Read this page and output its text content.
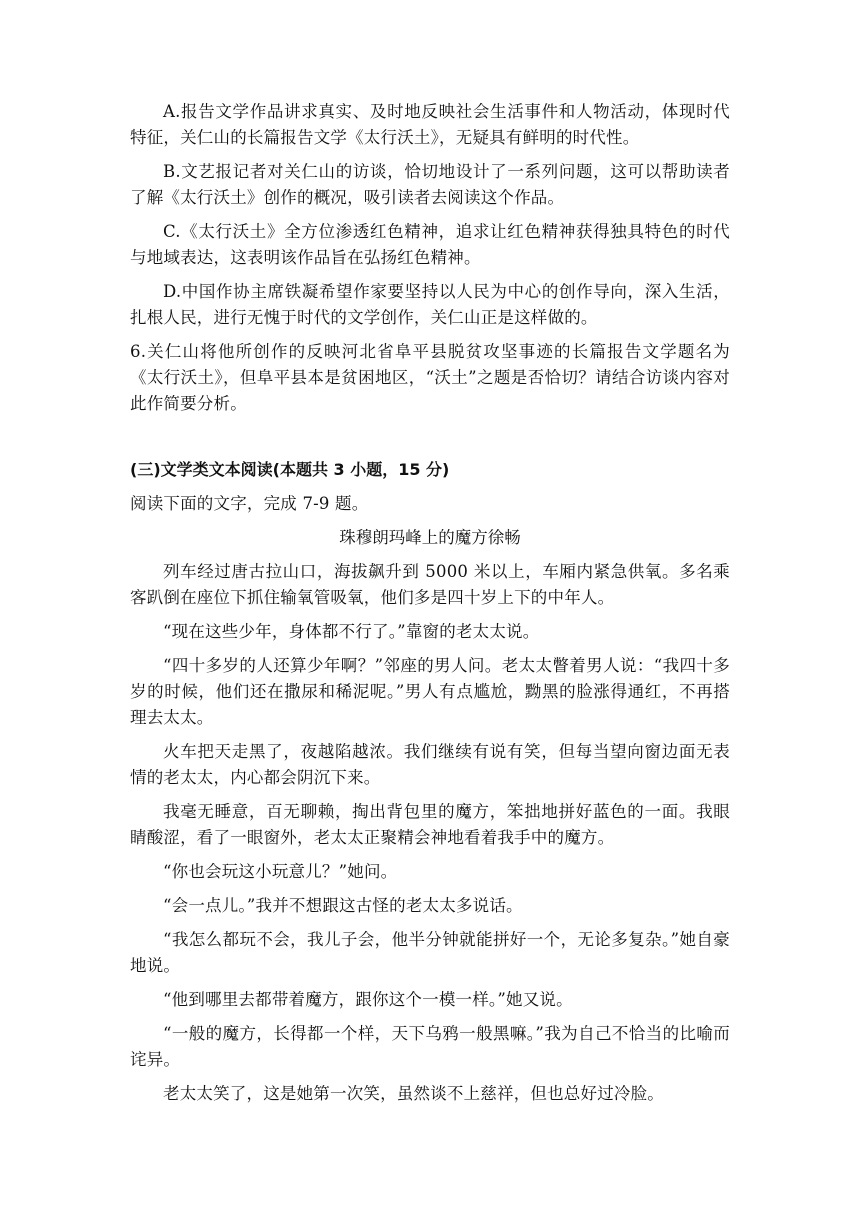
A.报告文学作品讲求真实、及时地反映社会生活事件和人物活动，体现时代特征，关仁山的长篇报告文学《太行沃土》，无疑具有鲜明的时代性。

B.文艺报记者对关仁山的访谈，恰切地设计了一系列问题，这可以帮助读者了解《太行沃土》创作的概况，吸引读者去阅读这个作品。

C.《太行沃土》全方位渗透红色精神，追求让红色精神获得独具特色的时代与地域表达，这表明该作品旨在弘扬红色精神。

D.中国作协主席铁凝希望作家要坚持以人民为中心的创作导向，深入生活，扎根人民，进行无愧于时代的文学创作，关仁山正是这样做的。

6.关仁山将他所创作的反映河北省阜平县脱贫攻坚事迹的长篇报告文学题名为《太行沃土》，但阜平县本是贫困地区，“沃土”之题是否恰切？请结合访谈内容对此作简要分析。

(三)文学类文本阅读(本题共 3 小题，15 分)

阅读下面的文字，完成 7-9 题。

珠穆朗玛峰上的魔方徐畅

列车经过唐古拉山口，海拔飙升到 5000 米以上，车厢内紧急供氧。多名乘客趴倒在座位下抓住输氧管吸氧，他们多是四十岁上下的中年人。

“现在这些少年，身体都不行了。”靠窗的老太太说。

“四十多岁的人还算少年啊？”邻座的男人问。老太太瞥着男人说：“我四十多岁的时候，他们还在撒尿和稀泥呢。”男人有点尴尬，黝黑的脸涨得通红，不再搭理去太太。

火车把天走黑了，夜越陷越浓。我们继续有说有笑，但每当望向窗边面无表情的老太太，内心都会阴沉下来。

我毫无睡意，百无聊赖，掏出背包里的魔方，笨拙地拼好蓝色的一面。我眼睛酸涩，看了一眼窗外，老太太正聚精会神地看着我手中的魔方。

“你也会玩这小玩意儿？”她问。

“会一点儿。”我并不想跟这古怪的老太太多说话。

“我怎么都玩不会，我儿子会，他半分钟就能拼好一个，无论多复杂。”她自豪地说。

“他到哪里去都带着魔方，跟你这个一模一样。”她又说。

“一般的魔方，长得都一个样，天下乌鸦一般黑嘛。”我为自己不恰当的比喻而诧异。

老太太笑了，这是她第一次笑，虽然谈不上慈祥，但也总好过冷脸。
